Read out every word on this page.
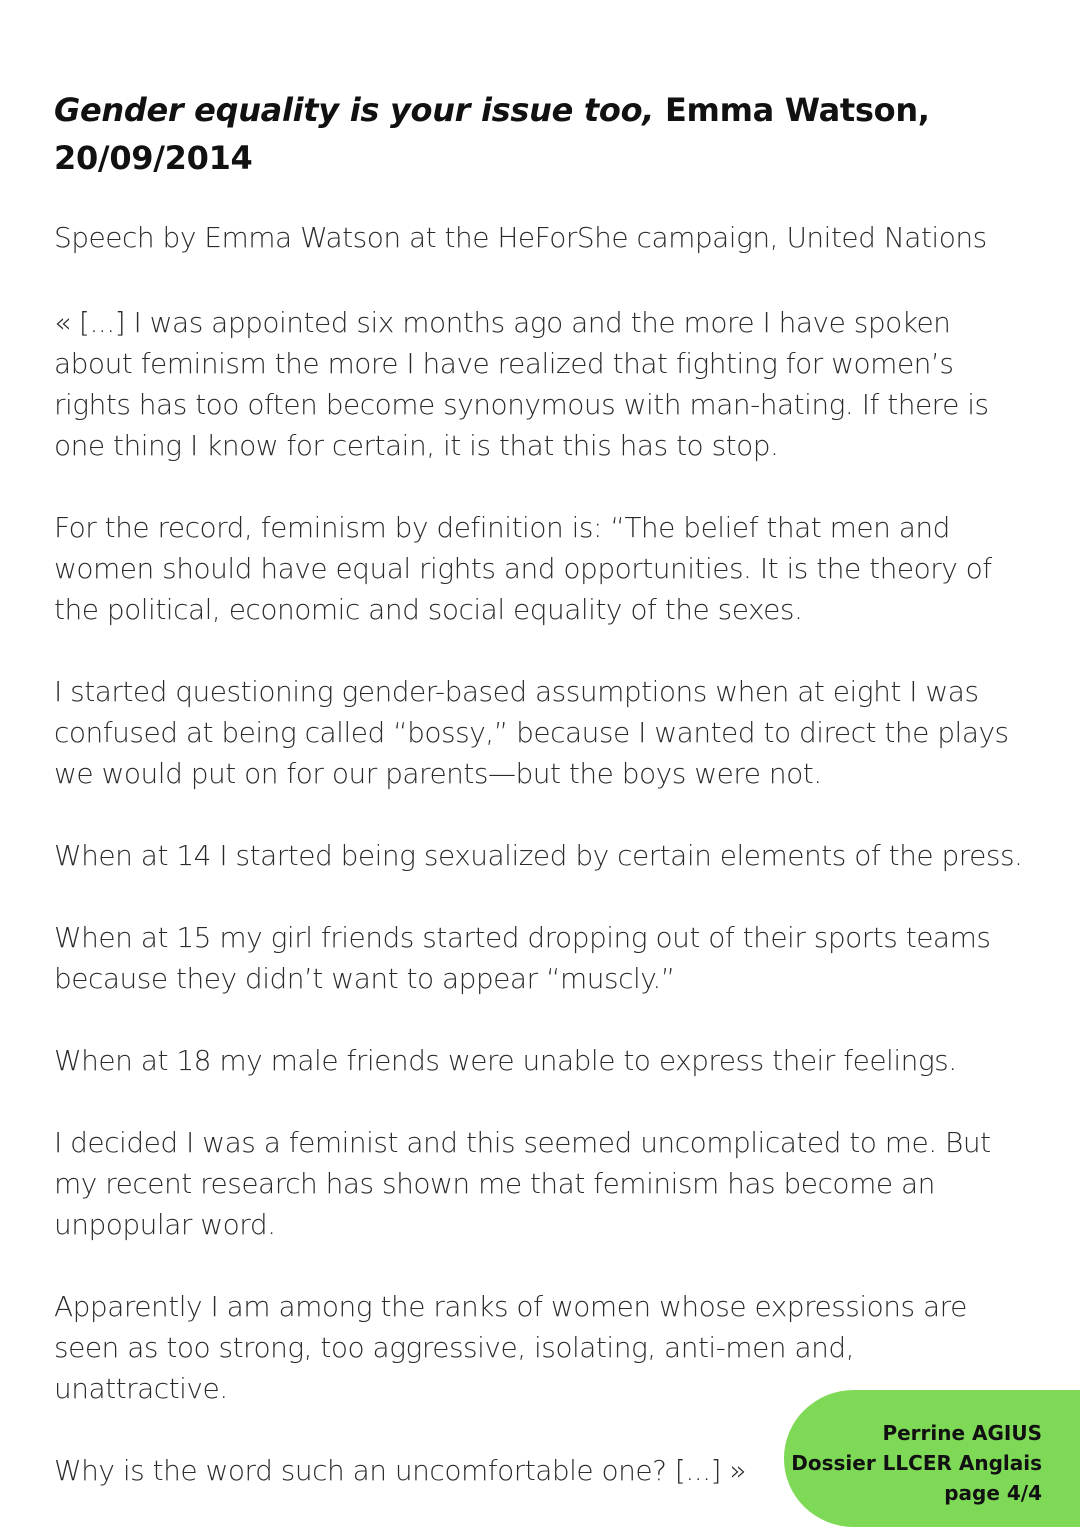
Gender equality is your issue too, Emma Watson,
20/09/2014

Speech by Emma Watson at the HeForShe campaign, United Nations

« [...] I was appointed six months ago and the more I have spoken about feminism the more I have realized that fighting for women’s rights has too often become synonymous with man-hating. If there is one thing I know for certain, it is that this has to stop.

For the record, feminism by definition is: “The belief that men and women should have equal rights and opportunities. It is the theory of the political, economic and social equality of the sexes.

I started questioning gender-based assumptions when at eight I was confused at being called “bossy,” because I wanted to direct the plays we would put on for our parents—but the boys were not.

When at 14 I started being sexualized by certain elements of the press.

When at 15 my girl friends started dropping out of their sports teams because they didn’t want to appear “muscly.”

When at 18 my male friends were unable to express their feelings.

I decided I was a feminist and this seemed uncomplicated to me. But my recent research has shown me that feminism has become an unpopular word.

Apparently I am among the ranks of women whose expressions are seen as too strong, too aggressive, isolating, anti-men and, unattractive.

Why is the word such an uncomfortable one? [...] »

Perrine AGIUS
Dossier LLCER Anglais
page 4/4
